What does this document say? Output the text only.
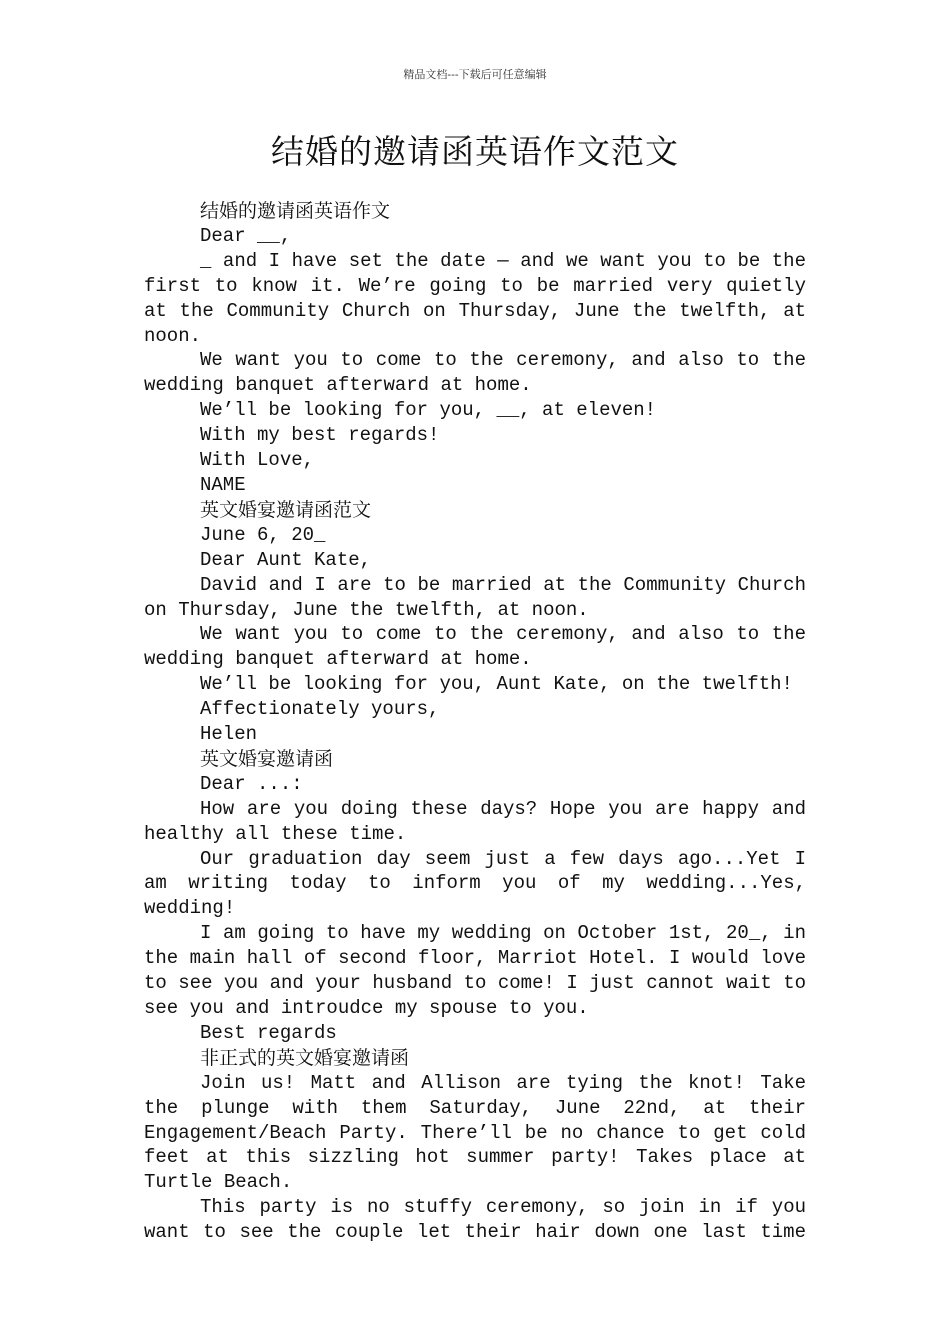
精品文档---下载后可任意编辑
结婚的邀请函英语作文范文

结婚的邀请函英语作文

Dear __,

_ and I have set the date — and we want you to be the first to know it. We’re going to be married very quietly at the Community Church on Thursday, June the twelfth, at noon.

We want you to come to the ceremony, and also to the wedding banquet afterward at home.

We’ll be looking for you, __, at eleven!

With my best regards!

With Love,

NAME

英文婚宴邀请函范文

June 6, 20_

Dear Aunt Kate,

David and I are to be married at the Community Church on Thursday, June the twelfth, at noon.

We want you to come to the ceremony, and also to the wedding banquet afterward at home.

We’ll be looking for you, Aunt Kate, on the twelfth!

Affectionately yours,

Helen

英文婚宴邀请函

Dear ...:

How are you doing these days? Hope you are happy and healthy all these time.

Our graduation day seem just a few days ago...Yet I am writing today to inform you of my wedding...Yes, wedding!

I am going to have my wedding on October 1st, 20_, in the main hall of second floor, Marriot Hotel. I would love to see you and your husband to come! I just cannot wait to see you and introudce my spouse to you.

Best regards

非正式的英文婚宴邀请函

Join us! Matt and Allison are tying the knot! Take the plunge with them Saturday, June 22nd, at their Engagement/Beach Party. There’ll be no chance to get cold feet at this sizzling hot summer party! Takes place at Turtle Beach.

This party is no stuffy ceremony, so join in if you want to see the couple let their hair down one last time
